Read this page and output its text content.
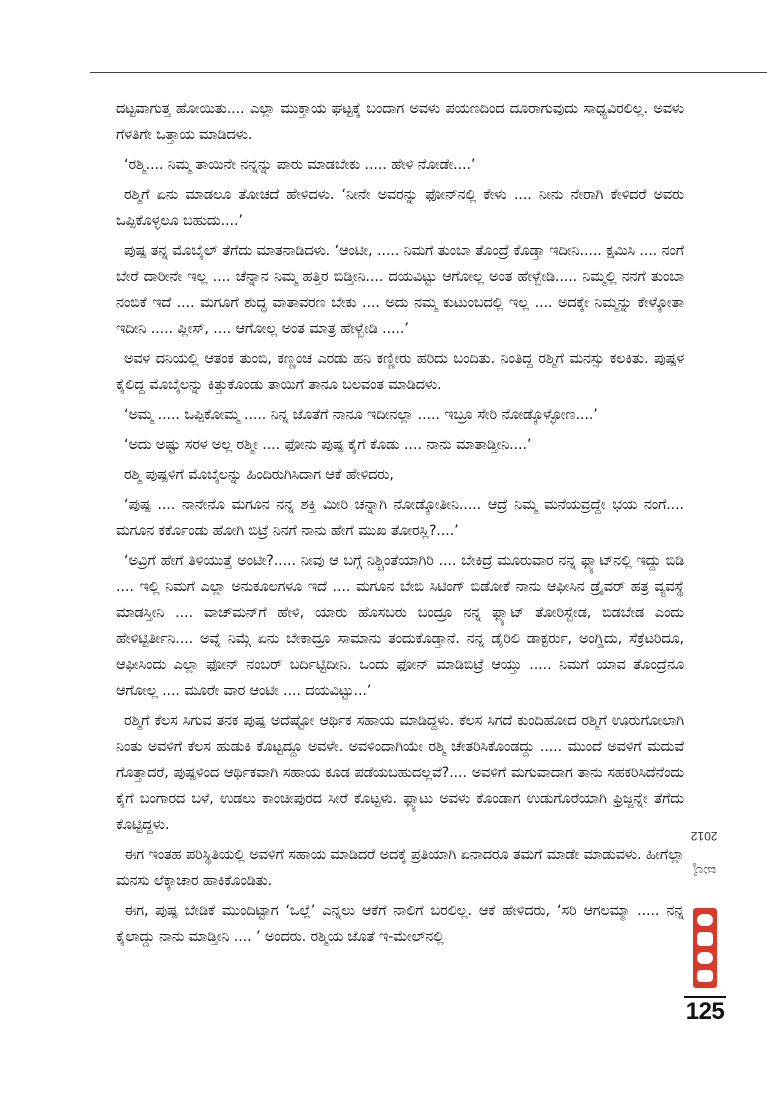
ದಟ್ಟವಾಗುತ್ತ ಹೋಯಿತು.... ಎಲ್ಲಾ ಮುಕ್ತಾಯ ಘಟ್ಟಕ್ಕೆ ಬಂದಾಗ ಅವಳು ಪಯಣದಿಂದ ದೂರಾಗುವುದು ಸಾಧ್ಯವಿರಲಿಲ್ಲ. ಅವಳು ಗೆಳತಿಗೇ ಒತ್ತಾಯ ಮಾಡಿದಳು.

‘ರಶ್ಮಿ.... ನಿಮ್ಮ ತಾಯಿನೇ ನನ್ನನ್ನು ಪಾರು ಮಾಡಬೇಕು ..... ಹೇಳಿ ನೋಡೇ....’

ರಶ್ಮಿಗೆ ಏನು ಮಾಡಲೂ ತೋಚದೆ ಹೇಳಿದಳು. ‘ನೀನೇ ಅವರನ್ನು ಫೋನ್‌ನಲ್ಲಿ ಕೇಳು .... ನೀನು ನೇರಾಗಿ ಕೇಳಿದರೆ ಅವರು ಒಪ್ಪಿಕೊಳ್ಳಲೂ ಬಹುದು....’

ಪುಷ್ಪ ತನ್ನ ಮೊಬೈಲ್ ತೆಗೆದು ಮಾತನಾಡಿದಳು. ‘ಆಂಟೀ, ..... ನಿಮಗೆ ತುಂಬಾ ತೊಂದ್ರೆ ಕೊಡ್ತಾ ಇದೀನಿ..... ಕ್ಷಮಿಸಿ .... ನಂಗೆ ಬೇರೆ ದಾರೀನೇ ಇಲ್ಲ .... ಚೆನ್ನಾನ ನಿಮ್ಮ ಹತ್ತಿರ ಬಿಡ್ತೀನಿ.... ದಯವಿಟ್ಟು ಆಗೋಲ್ಲ ಅಂತ ಹೇಳ್ಬೇಡಿ..... ನಿಮ್ಮಲ್ಲಿ ನನಗೆ ತುಂಬಾ ನಂಬಿಕೆ ಇದೆ .... ಮಗೂಗೆ ಶುದ್ಧ ವಾತಾವರಣ ಬೇಕು .... ಅದು ನಮ್ಮ ಕುಟುಂಬದಲ್ಲಿ ಇಲ್ಲ .... ಅದಕ್ಕೇ ನಿಮ್ಮನ್ನು ಕೇಳ್ಕೋತಾ ಇದೀನಿ ..... ಪ್ಲೀಸ್, .... ಆಗೋಲ್ಲ ಅಂತ ಮಾತ್ರ ಹೇಳ್ಬೇಡಿ .....’

ಅವಳ ದನಿಯಲ್ಲಿ ಆತಂಕ ತುಂಬಿ, ಕಣ್ಣಂಚ ಎರಡು ಹನಿ ಕಣ್ಣೀರು ಹರಿದು ಬಂದಿತು. ನಿಂತಿದ್ದ ರಶ್ಮಿಗೆ ಮನಸ್ಸು ಕಲಕಿತು. ಪುಷ್ಪಳ ಕೈಲಿದ್ದ ಮೊಬೈಲನ್ನು ಕಿತ್ತುಕೊಂಡು ತಾಯಿಗೆ ತಾನೂ ಬಲವಂತ ಮಾಡಿದಳು.

‘ಅಮ್ಮ ..... ಒಪ್ಪಿಕೋಮ್ಮ ..... ನಿನ್ನ ಜೊತೆಗೆ ನಾನೂ ಇದೀನಲ್ಲಾ ..... ಇಬ್ರೂ ಸೇರಿ ನೋಡ್ಕೊಳ್ಳೋಣ....’

‘ಅದು ಅಷ್ಟು ಸರಳ ಅಲ್ಲ ರಶ್ಮೀ .... ಫೋನು ಪುಷ್ಪ ಕೈಗೆ ಕೊಡು .... ನಾನು ಮಾತಾಡ್ತೀನಿ....’

ರಶ್ಮಿ ಪುಷ್ಪಳಿಗೆ ಮೊಬೈಲನ್ನು ಹಿಂದಿರುಗಿಸಿದಾಗ ಆಕೆ ಹೇಳಿದರು,

‘ಪುಷ್ಪ .... ನಾನೇನೊ ಮಗೂನ ನನ್ನ ಶಕ್ತಿ ಮೀರಿ ಚನ್ನಾಗಿ ನೋಡ್ಕೋತೀನಿ..... ಆದ್ರೆ ನಿಮ್ಮ ಮನೆಯವ್ರದ್ದೇ ಭಯ ನಂಗೆ.... ಮಗೂನ ಕರ್ಕೊಂಡು ಹೋಗಿ ಬಿಟ್ರೆ ನಿನಗೆ ನಾನು ಹೇಗೆ ಮುಖ ತೋರಸ್ಲಿ?....’

‘ಅವ್ರಿಗೆ ಹೇಗೆ ತಿಳಿಯುತ್ತೆ ಅಂಟೀ?..... ನೀವು ಆ ಬಗ್ಗೆ ನಿಶ್ಚಿಂತೆಯಾಗಿರಿ .... ಬೇಕಿದ್ರೆ ಮೂರುವಾರ ನನ್ನ ಫ್ಲ್ಯಾಟ್‌ನಲ್ಲಿ ಇದ್ದು ಬಿಡಿ .... ಇಲ್ಲಿ ನಿಮಗೆ ಎಲ್ಲಾ ಅನುಕೂಲಗಳೂ ಇದೆ .... ಮಗೂನ ಬೇಬಿ ಸಿಟಿಂಗ್ ಬಿಡೋಕೆ ನಾನು ಆಫೀಸಿನ ಡ್ರೈವರ್ ಹತ್ರ ವ್ಯವಸ್ಥೆ ಮಾಡಸ್ತೀನಿ .... ವಾಚ್‌ಮನ್‌ಗೆ ಹೇಳಿ, ಯಾರು ಹೊಸಬರು ಬಂದ್ರೂ ನನ್ನ ಫ್ಲ್ಯಾಟ್ ತೋರಿಸ್ಬೇಡ, ಬಿಡಬೇಡ ಎಂದು ಹೇಳಿಟ್ಟಿರ್ತೀನಿ.... ಅವ್ನೆ ನಿಮ್ಗೆ ಏನು ಬೇಕಾದ್ರೂ ಸಾಮಾನು ತಂದುಕೊಡ್ತಾನೆ. ನನ್ನ ಡೈರಿಲಿ ಡಾಕ್ಟರ್ರು, ಅಂಗ್ಡಿದು, ಸೆಕ್ರೆಟರಿದೂ, ಆಫೀಸಿಂದು ಎಲ್ಲಾ ಫೋನ್ ನಂಬರ್ ಬರ್ದಿಟ್ಟಿದೀನಿ. ಒಂದು ಫೋನ್ ಮಾಡಿಬಿಟ್ರೆ ಆಯ್ತು ..... ನಿಮಗೆ ಯಾವ ತೊಂದ್ರೆನೂ ಆಗೋಲ್ಲ .... ಮೂರೇ ವಾರ ಆಂಟೀ .... ದಯವಿಟ್ಟು...’

ರಶ್ಮಿಗೆ ಕೆಲಸ ಸಿಗುವ ತನಕ ಪುಷ್ಪ ಅದೆಷ್ಟೋ ಆರ್ಥಿಕ ಸಹಾಯ ಮಾಡಿದ್ದಳು. ಕೆಲಸ ಸಿಗದೆ ಕುಂದಿಹೋದ ರಶ್ಮಿಗೆ ಊರುಗೋಲಾಗಿ ನಿಂತು ಅವಳಿಗೆ ಕೆಲಸ ಹುಡುಕಿ ಕೊಟ್ಟದ್ದೂ ಅವಳೇ. ಅವಳಿಂದಾಗಿಯೇ ರಶ್ಮಿ ಚೇತರಿಸಿಕೊಂಡದ್ದು ..... ಮುಂದೆ ಅವಳಿಗೆ ಮದುವೆ ಗೊತ್ತಾದರೆ, ಪುಷ್ಪಳಿಂದ ಆರ್ಥಿಕವಾಗಿ ಸಹಾಯ ಕೂಡ ಪಡೆಯಬಹುದಲ್ಲವೆ?.... ಅವಳಿಗೆ ಮಗುವಾದಾಗ ತಾನು ಸಹಕರಿಸಿದೆನೆಂದು ಕೈಗೆ ಬಂಗಾರದ ಬಳೆ, ಉಡಲು ಕಾಂಚೀಪುರದ ಸೀರೆ ಕೊಟ್ಟಳು. ಫ್ಲ್ಯಾಟು ಅವಳು ಕೊಂಡಾಗ ಉಡುಗೊರೆಯಾಗಿ ಫ್ರಿಜ್ಜನ್ನೇ ತೆಗೆದು ಕೊಟ್ಟಿದ್ದಳು.

ಈಗ ಇಂತಹ ಪರಿಸ್ಥಿತಿಯಲ್ಲಿ ಅವಳಿಗೆ ಸಹಾಯ ಮಾಡಿದರೆ ಅದಕ್ಕೆ ಪ್ರತಿಯಾಗಿ ಏನಾದರೂ ತಮಗೆ ಮಾಡೇ ಮಾಡುವಳು. ಹೀಗೆಲ್ಲಾ ಮನಸು ಲೆಕ್ಕಾಚಾರ ಹಾಕಿಕೊಂಡಿತು.

ಈಗ, ಪುಷ್ಪ ಬೇಡಿಕೆ ಮುಂದಿಟ್ಟಾಗ ‘ಒಲ್ಲೆ’ ಎನ್ನಲು ಆಕೆಗೆ ನಾಲಿಗೆ ಬರಲಿಲ್ಲ. ಆಕೆ ಹೇಳಿದರು, ‘ಸರಿ ಆಗಲಮ್ಮಾ ..... ನನ್ನ ಕೈಲಾದ್ದು ನಾನು ಮಾಡ್ತೀನಿ .... ’ ಅಂದರು. ರಶ್ಮಿಯ ಜೊತೆ ಇ-ಮೇಲ್‌ನಲ್ಲಿ

ಜುಲೈ 2012
125
